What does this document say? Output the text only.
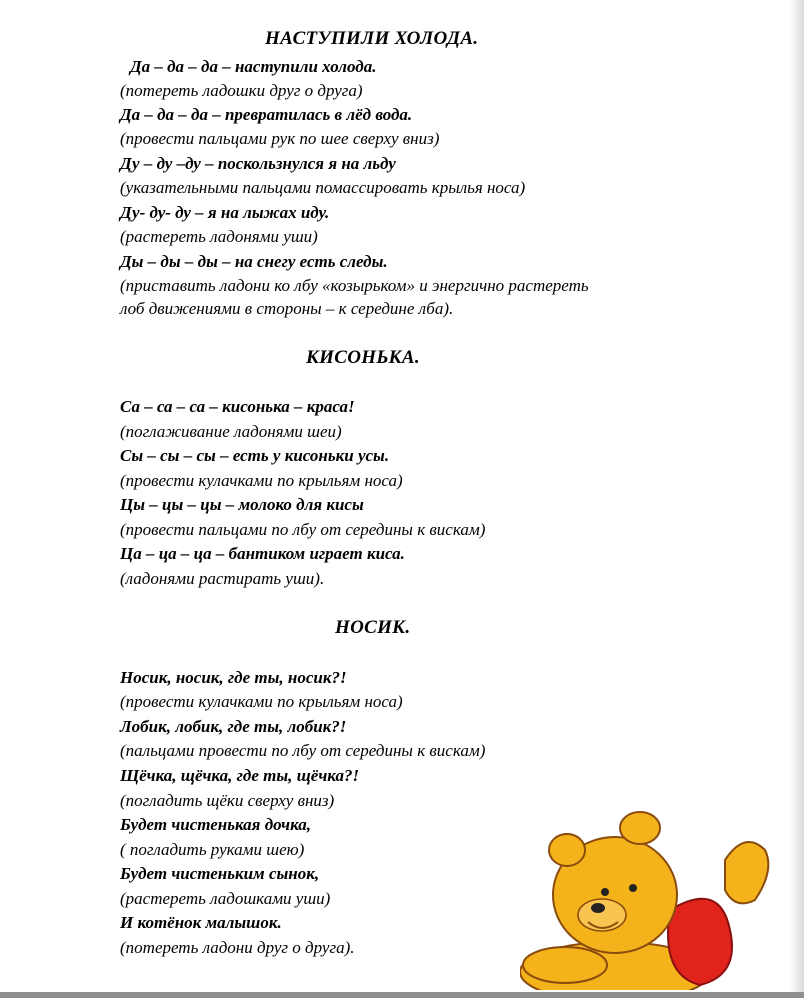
НАСТУПИЛИ ХОЛОДА.
Да – да – да – наступили холода.
(потереть ладошки друг о друга)
Да – да – да – превратилась в лёд вода.
(провести пальцами рук по шее сверху вниз)
Ду – ду –ду – поскользнулся я на льду
(указательными пальцами помассировать крылья носа)
Ду- ду- ду – я на лыжах иду.
(растереть ладонями уши)
Ды – ды – ды – на снегу есть следы.
(приставить ладони ко лбу «козырьком» и энергично растереть
лоб движениями в стороны – к середине лба).
КИСОНЬКА.
Са – са – са – кисонька – краса!
(поглаживание ладонями шеи)
Сы – сы – сы – есть у кисоньки усы.
(провести кулачками по крыльям носа)
Цы – цы – цы – молоко для кисы
(провести пальцами по лбу от середины к вискам)
Ца – ца – ца – бантиком играет киса.
(ладонями растирать уши).
НОСИК.
Носик, носик, где ты, носик?!
(провести кулачками по крыльям носа)
Лобик, лобик, где ты, лобик?!
(пальцами провести по лбу от середины к вискам)
Щёчка, щёчка, где ты, щёчка?!
(погладить щёки сверху вниз)
Будет чистенькая дочка,
( погладить руками шею)
Будет чистеньким сынок,
(растереть ладошками уши)
И котёнок малышок.
(потереть ладони друг о друга).
